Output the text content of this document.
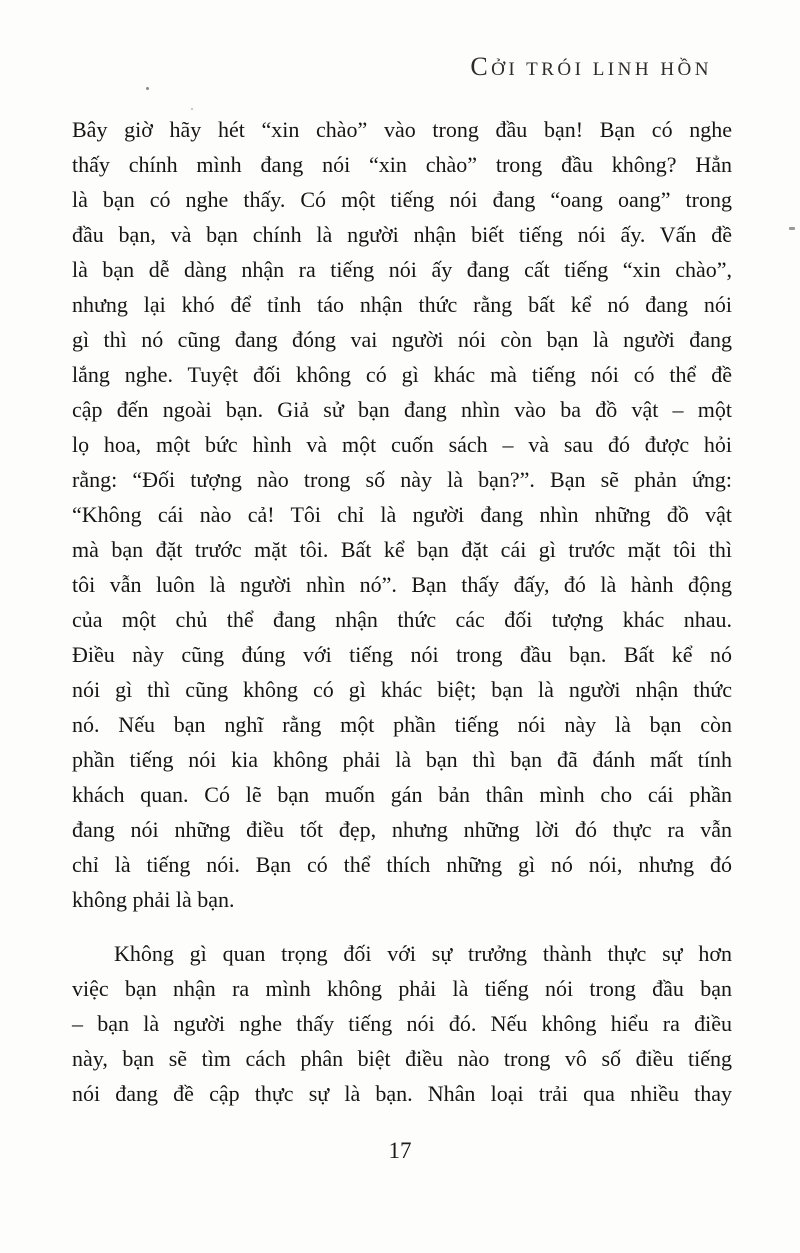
CỞI TRÓI LINH HỒN
Bây giờ hãy hét “xin chào” vào trong đầu bạn! Bạn có nghe
thấy chính mình đang nói “xin chào” trong đầu không? Hẳn
là bạn có nghe thấy. Có một tiếng nói đang “oang oang” trong
đầu bạn, và bạn chính là người nhận biết tiếng nói ấy. Vấn đề
là bạn dễ dàng nhận ra tiếng nói ấy đang cất tiếng “xin chào”,
nhưng lại khó để tỉnh táo nhận thức rằng bất kể nó đang nói
gì thì nó cũng đang đóng vai người nói còn bạn là người đang
lắng nghe. Tuyệt đối không có gì khác mà tiếng nói có thể đề
cập đến ngoài bạn. Giả sử bạn đang nhìn vào ba đồ vật – một
lọ hoa, một bức hình và một cuốn sách – và sau đó được hỏi
rằng: “Đối tượng nào trong số này là bạn?”. Bạn sẽ phản ứng:
“Không cái nào cả! Tôi chỉ là người đang nhìn những đồ vật
mà bạn đặt trước mặt tôi. Bất kể bạn đặt cái gì trước mặt tôi thì
tôi vẫn luôn là người nhìn nó”. Bạn thấy đấy, đó là hành động
của một chủ thể đang nhận thức các đối tượng khác nhau.
Điều này cũng đúng với tiếng nói trong đầu bạn. Bất kể nó
nói gì thì cũng không có gì khác biệt; bạn là người nhận thức
nó. Nếu bạn nghĩ rằng một phần tiếng nói này là bạn còn
phần tiếng nói kia không phải là bạn thì bạn đã đánh mất tính
khách quan. Có lẽ bạn muốn gán bản thân mình cho cái phần
đang nói những điều tốt đẹp, nhưng những lời đó thực ra vẫn
chỉ là tiếng nói. Bạn có thể thích những gì nó nói, nhưng đó
không phải là bạn.
Không gì quan trọng đối với sự trưởng thành thực sự hơn
việc bạn nhận ra mình không phải là tiếng nói trong đầu bạn
– bạn là người nghe thấy tiếng nói đó. Nếu không hiểu ra điều
này, bạn sẽ tìm cách phân biệt điều nào trong vô số điều tiếng
nói đang đề cập thực sự là bạn. Nhân loại trải qua nhiều thay
17
